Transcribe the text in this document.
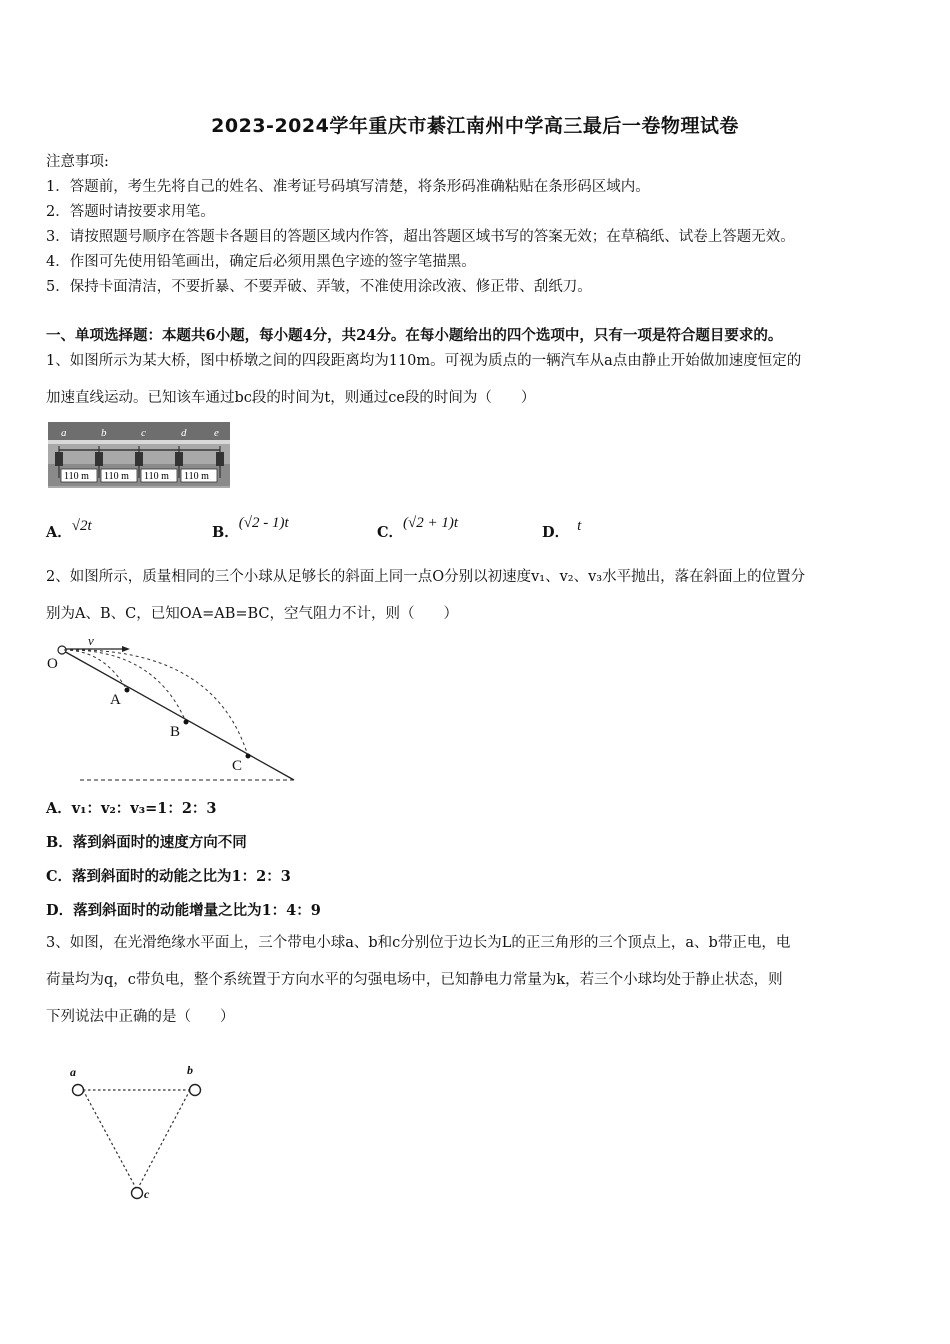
2023-2024学年重庆市綦江南州中学高三最后一卷物理试卷
注意事项:
1．答题前，考生先将自己的姓名、准考证号码填写清楚，将条形码准确粘贴在条形码区域内。
2．答题时请按要求用笔。
3．请按照题号顺序在答题卡各题目的答题区域内作答，超出答题区域书写的答案无效；在草稿纸、试卷上答题无效。
4．作图可先使用铅笔画出，确定后必须用黑色字迹的签字笔描黑。
5．保持卡面清洁，不要折暴、不要弄破、弄皱，不准使用涂改液、修正带、刮纸刀。
一、单项选择题：本题共6小题，每小题4分，共24分。在每小题给出的四个选项中，只有一项是符合题目要求的。
1、如图所示为某大桥，图中桥墩之间的四段距离均为110m。可视为质点的一辆汽车从a点由静止开始做加速度恒定的
加速直线运动。已知该车通过bc段的时间为t，则通过ce段的时间为（　　）
a	b	c	d	e
110 m 110 m 110 m 110 m
A．√2t	B．(√2 - 1)t
C．(√2 + 1)t
D． t
2、如图所示，质量相同的三个小球从足够长的斜面上同一点O分别以初速度v₁、v₂、v₃水平抛出，落在斜面上的位置分
别为A、B、C，已知OA=AB=BC，空气阻力不计，则（　　）
O
v
A
B
C
A．v₁：v₂：v₃=1：2：3
B．落到斜面时的速度方向不同
C．落到斜面时的动能之比为1：2：3
D．落到斜面时的动能增量之比为1：4：9
3、如图，在光滑绝缘水平面上，三个带电小球a、b和c分别位于边长为L的正三角形的三个顶点上，a、b带正电，电
荷量均为q，c带负电，整个系统置于方向水平的匀强电场中，已知静电力常量为k，若三个小球均处于静止状态，则
下列说法中正确的是（　　）
a	b
c
